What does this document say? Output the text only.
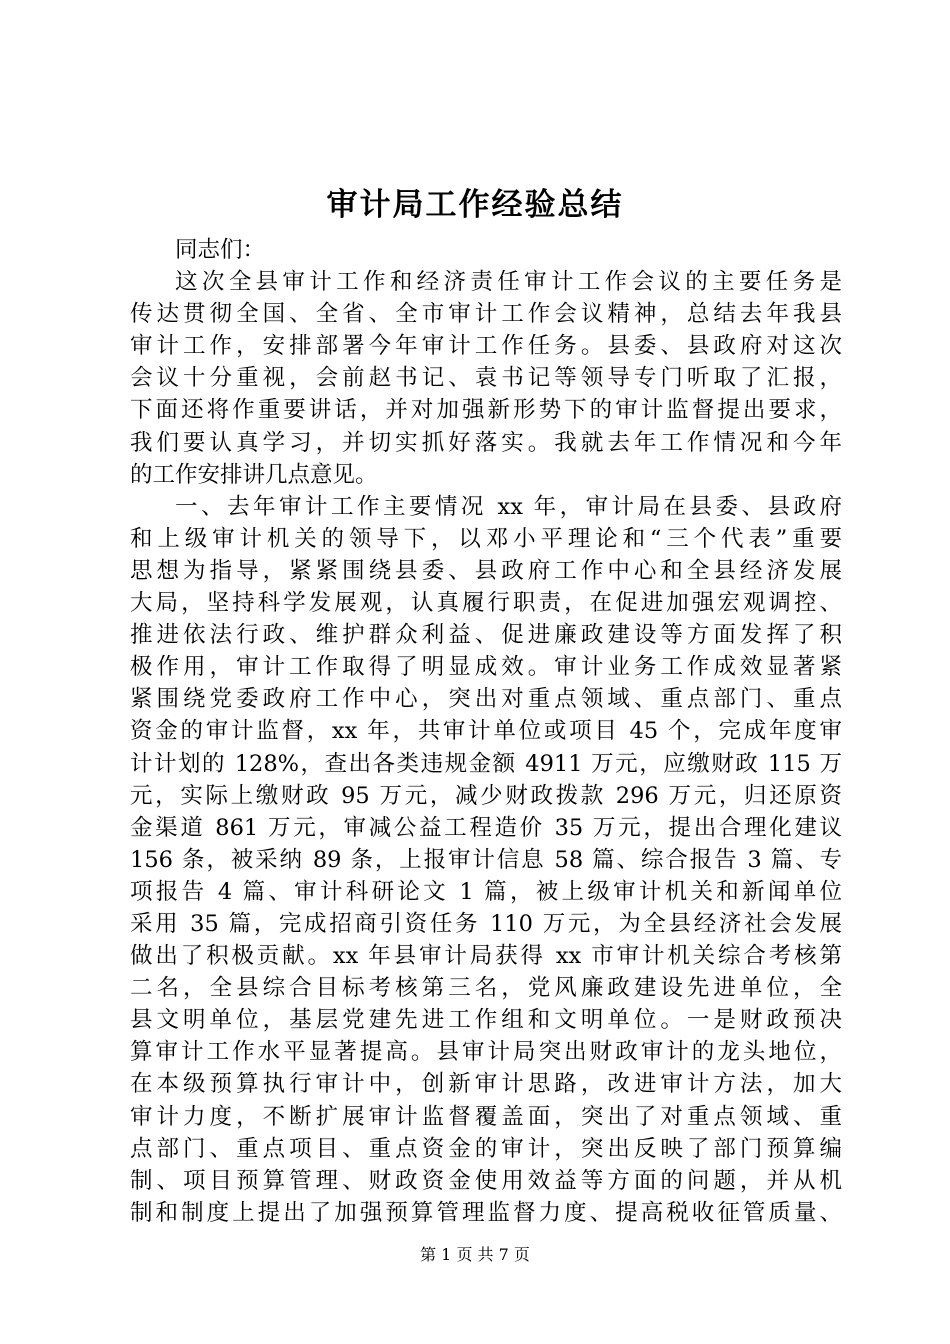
审计局工作经验总结
同志们：
这次全县审计工作和经济责任审计工作会议的主要任务是
传达贯彻全国、全省、全市审计工作会议精神，总结去年我县
审计工作，安排部署今年审计工作任务。县委、县政府对这次
会议十分重视，会前赵书记、袁书记等领导专门听取了汇报，
下面还将作重要讲话，并对加强新形势下的审计监督提出要求，
我们要认真学习，并切实抓好落实。我就去年工作情况和今年
的工作安排讲几点意见。
一、去年审计工作主要情况 xx 年，审计局在县委、县政府
和上级审计机关的领导下，以邓小平理论和“三个代表”重要
思想为指导，紧紧围绕县委、县政府工作中心和全县经济发展
大局，坚持科学发展观，认真履行职责，在促进加强宏观调控、
推进依法行政、维护群众利益、促进廉政建设等方面发挥了积
极作用，审计工作取得了明显成效。审计业务工作成效显著紧
紧围绕党委政府工作中心，突出对重点领域、重点部门、重点
资金的审计监督，xx 年，共审计单位或项目 45 个，完成年度审
计计划的 128%，查出各类违规金额 4911 万元，应缴财政 115 万
元，实际上缴财政 95 万元，减少财政拨款 296 万元，归还原资
金渠道 861 万元，审减公益工程造价 35 万元，提出合理化建议
156 条，被采纳 89 条，上报审计信息 58 篇、综合报告 3 篇、专
项报告 4 篇、审计科研论文 1 篇，被上级审计机关和新闻单位
采用 35 篇，完成招商引资任务 110 万元，为全县经济社会发展
做出了积极贡献。xx 年县审计局获得 xx 市审计机关综合考核第
二名，全县综合目标考核第三名，党风廉政建设先进单位，全
县文明单位，基层党建先进工作组和文明单位。一是财政预决
算审计工作水平显著提高。县审计局突出财政审计的龙头地位，
在本级预算执行审计中，创新审计思路，改进审计方法，加大
审计力度，不断扩展审计监督覆盖面，突出了对重点领域、重
点部门、重点项目、重点资金的审计，突出反映了部门预算编
制、项目预算管理、财政资金使用效益等方面的问题，并从机
制和制度上提出了加强预算管理监督力度、提高税收征管质量、
第 1 页 共 7 页
